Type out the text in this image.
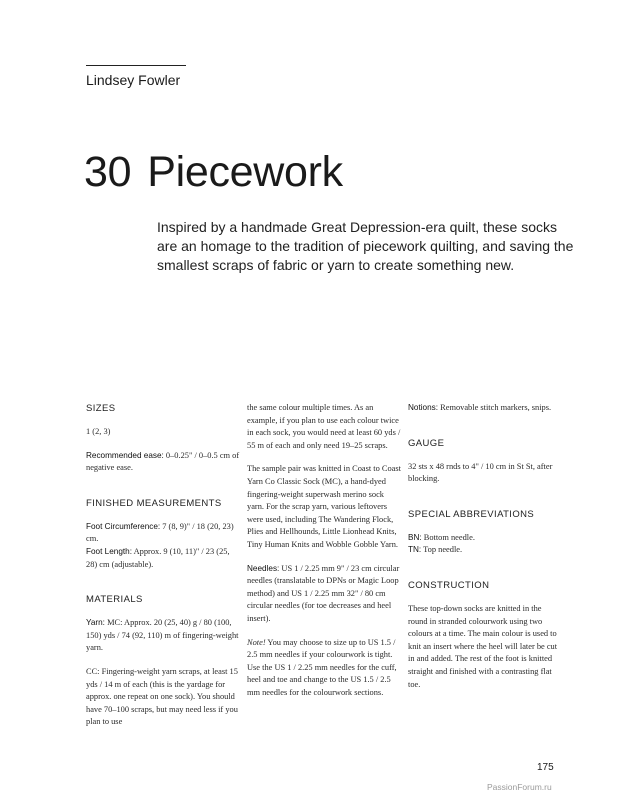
Lindsey Fowler
30 Piecework
Inspired by a handmade Great Depression-era quilt, these socks are an homage to the tradition of piecework quilting, and saving the smallest scraps of fabric or yarn to create something new.

SIZES

1 (2, 3)

Recommended ease: 0–0.25" / 0–0.5 cm of negative ease.

FINISHED MEASUREMENTS

Foot Circumference: 7 (8, 9)" / 18 (20, 23) cm.

Foot Length: Approx. 9 (10, 11)" / 23 (25, 28) cm (adjustable).

MATERIALS

Yarn: MC: Approx. 20 (25, 40) g / 80 (100, 150) yds / 74 (92, 110) m of fingering-weight yarn.

CC: Fingering-weight yarn scraps, at least 15 yds / 14 m of each (this is the yardage for approx. one repeat on one sock). You should have 70–100 scraps, but may need less if you plan to use

the same colour multiple times. As an example, if you plan to use each colour twice in each sock, you would need at least 60 yds / 55 m of each and only need 19–25 scraps.

The sample pair was knitted in Coast to Coast Yarn Co Classic Sock (MC), a hand-dyed fingering-weight superwash merino sock yarn. For the scrap yarn, various leftovers were used, including The Wandering Flock, Plies and Hellhounds, Little Lionhead Knits, Tiny Human Knits and Wobble Gobble Yarn.

Needles: US 1 / 2.25 mm 9" / 23 cm circular needles (translatable to DPNs or Magic Loop method) and US 1 / 2.25 mm 32" / 80 cm circular needles (for toe decreases and heel insert).

Note! You may choose to size up to US 1.5 / 2.5 mm needles if your colourwork is tight. Use the US 1 / 2.25 mm needles for the cuff, heel and toe and change to the US 1.5 / 2.5 mm needles for the colourwork sections.

Notions: Removable stitch markers, snips.

GAUGE

32 sts x 48 rnds to 4" / 10 cm in St St, after blocking.

SPECIAL ABBREVIATIONS

BN: Bottom needle.

TN: Top needle.

CONSTRUCTION

These top-down socks are knitted in the round in stranded colourwork using two colours at a time. The main colour is used to knit an insert where the heel will later be cut in and added. The rest of the foot is knitted straight and finished with a contrasting flat toe.

175
PassionForum.ru
